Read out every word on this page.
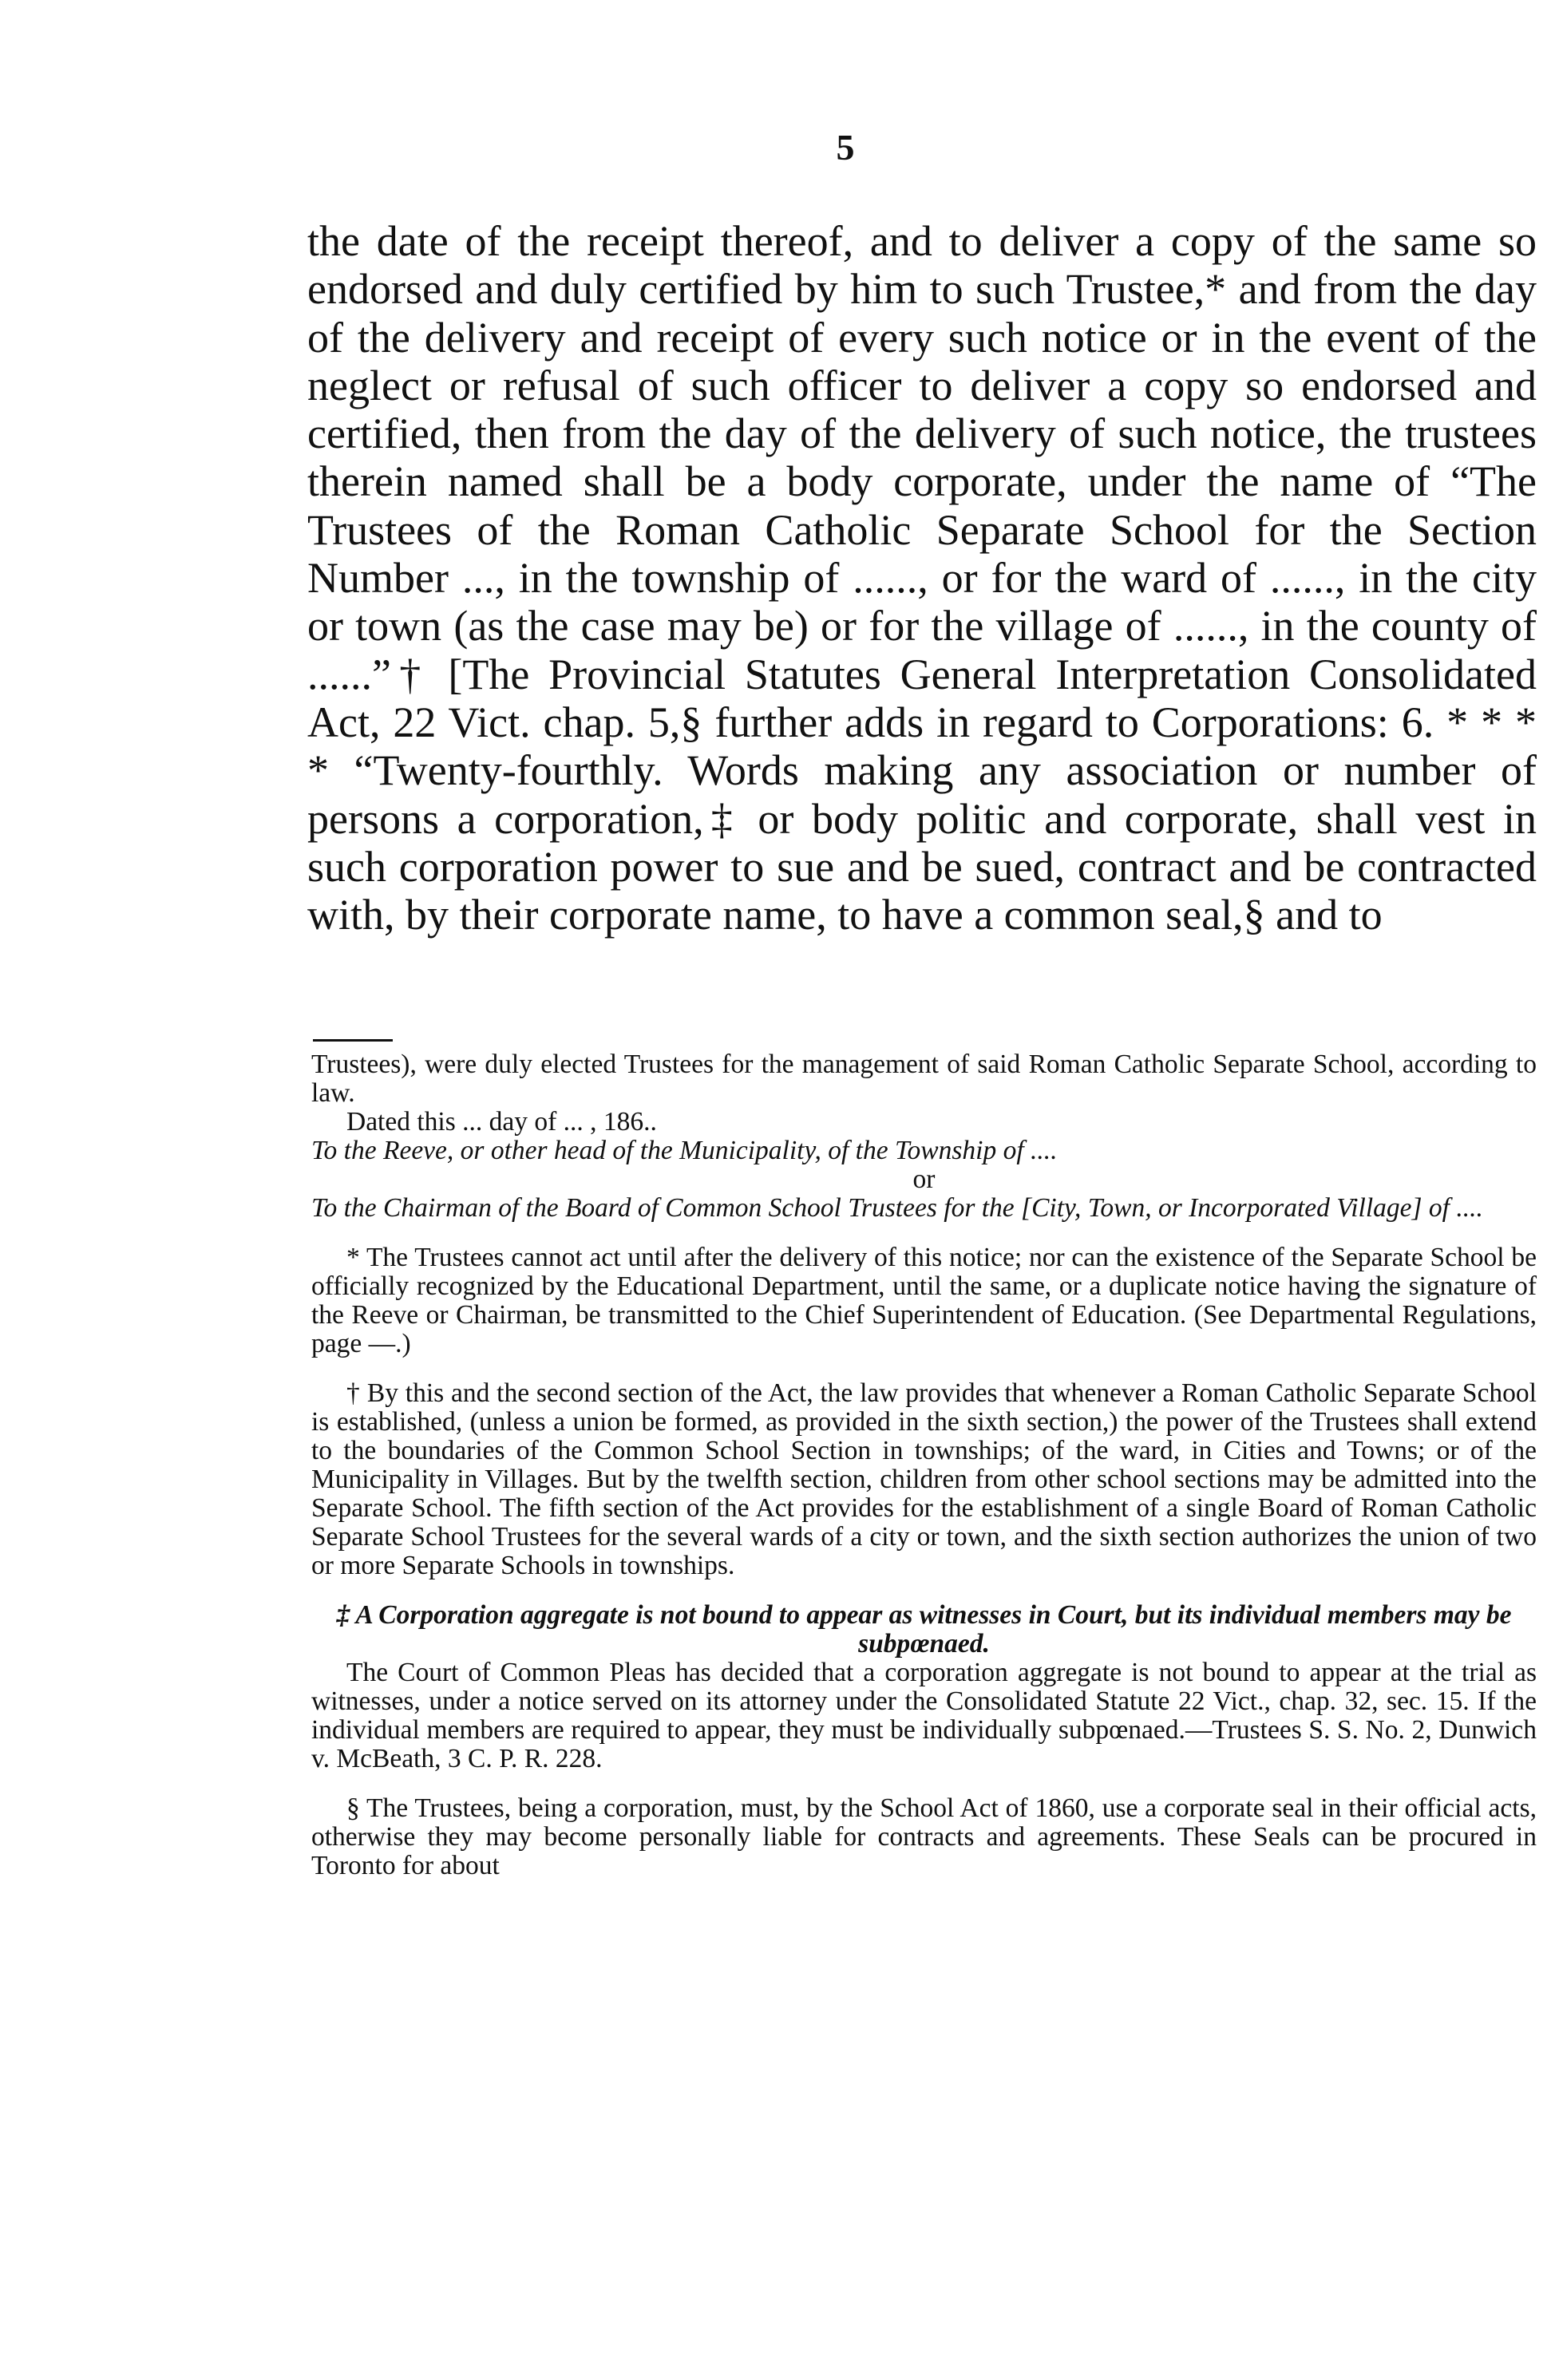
5

the date of the receipt thereof, and to deliver a copy of the same so endorsed and duly certified by him to such Trustee,* and from the day of the delivery and receipt of every such notice or in the event of the neglect or refusal of such officer to deliver a copy so endorsed and certified, then from the day of the delivery of such notice, the trustees therein named shall be a body corporate, under the name of “The Trustees of the Roman Catholic Separate School for the Section Number ..., in the township of ......, or for the ward of ......, in the city or town (as the case may be) or for the village of ......, in the county of ......”† [The Provincial Statutes General Interpretation Consolidated Act, 22 Vict. chap. 5,§ further adds in regard to Corporations: 6. * * * * “Twenty-fourthly. Words making any association or number of persons a corporation,‡ or body politic and corporate, shall vest in such corporation power to sue and be sued, contract and be contracted with, by their corporate name, to have a common seal,§ and to

Trustees), were duly elected Trustees for the management of said Roman Catholic Separate School, according to law.

Dated this ... day of ... , 186..

To the Reeve, or other head of the Municipality, of the Township of ....

or

To the Chairman of the Board of Common School Trustees for the [City, Town, or Incorporated Village] of ....

* The Trustees cannot act until after the delivery of this notice; nor can the existence of the Separate School be officially recognized by the Educational Department, until the same, or a duplicate notice having the signature of the Reeve or Chairman, be transmitted to the Chief Superintendent of Education. (See Departmental Regulations, page —.)

† By this and the second section of the Act, the law provides that whenever a Roman Catholic Separate School is established, (unless a union be formed, as provided in the sixth section,) the power of the Trustees shall extend to the boundaries of the Common School Section in townships; of the ward, in Cities and Towns; or of the Municipality in Villages. But by the twelfth section, children from other school sections may be admitted into the Separate School. The fifth section of the Act provides for the establishment of a single Board of Roman Catholic Separate School Trustees for the several wards of a city or town, and the sixth section authorizes the union of two or more Separate Schools in townships.

‡ A Corporation aggregate is not bound to appear as witnesses in Court, but its individual members may be subpœnaed.

The Court of Common Pleas has decided that a corporation aggregate is not bound to appear at the trial as witnesses, under a notice served on its attorney under the Consolidated Statute 22 Vict., chap. 32, sec. 15. If the individual members are required to appear, they must be individually subpœnaed.—Trustees S. S. No. 2, Dunwich v. McBeath, 3 C. P. R. 228.

§ The Trustees, being a corporation, must, by the School Act of 1860, use a corporate seal in their official acts, otherwise they may become personally liable for contracts and agreements. These Seals can be procured in Toronto for about
